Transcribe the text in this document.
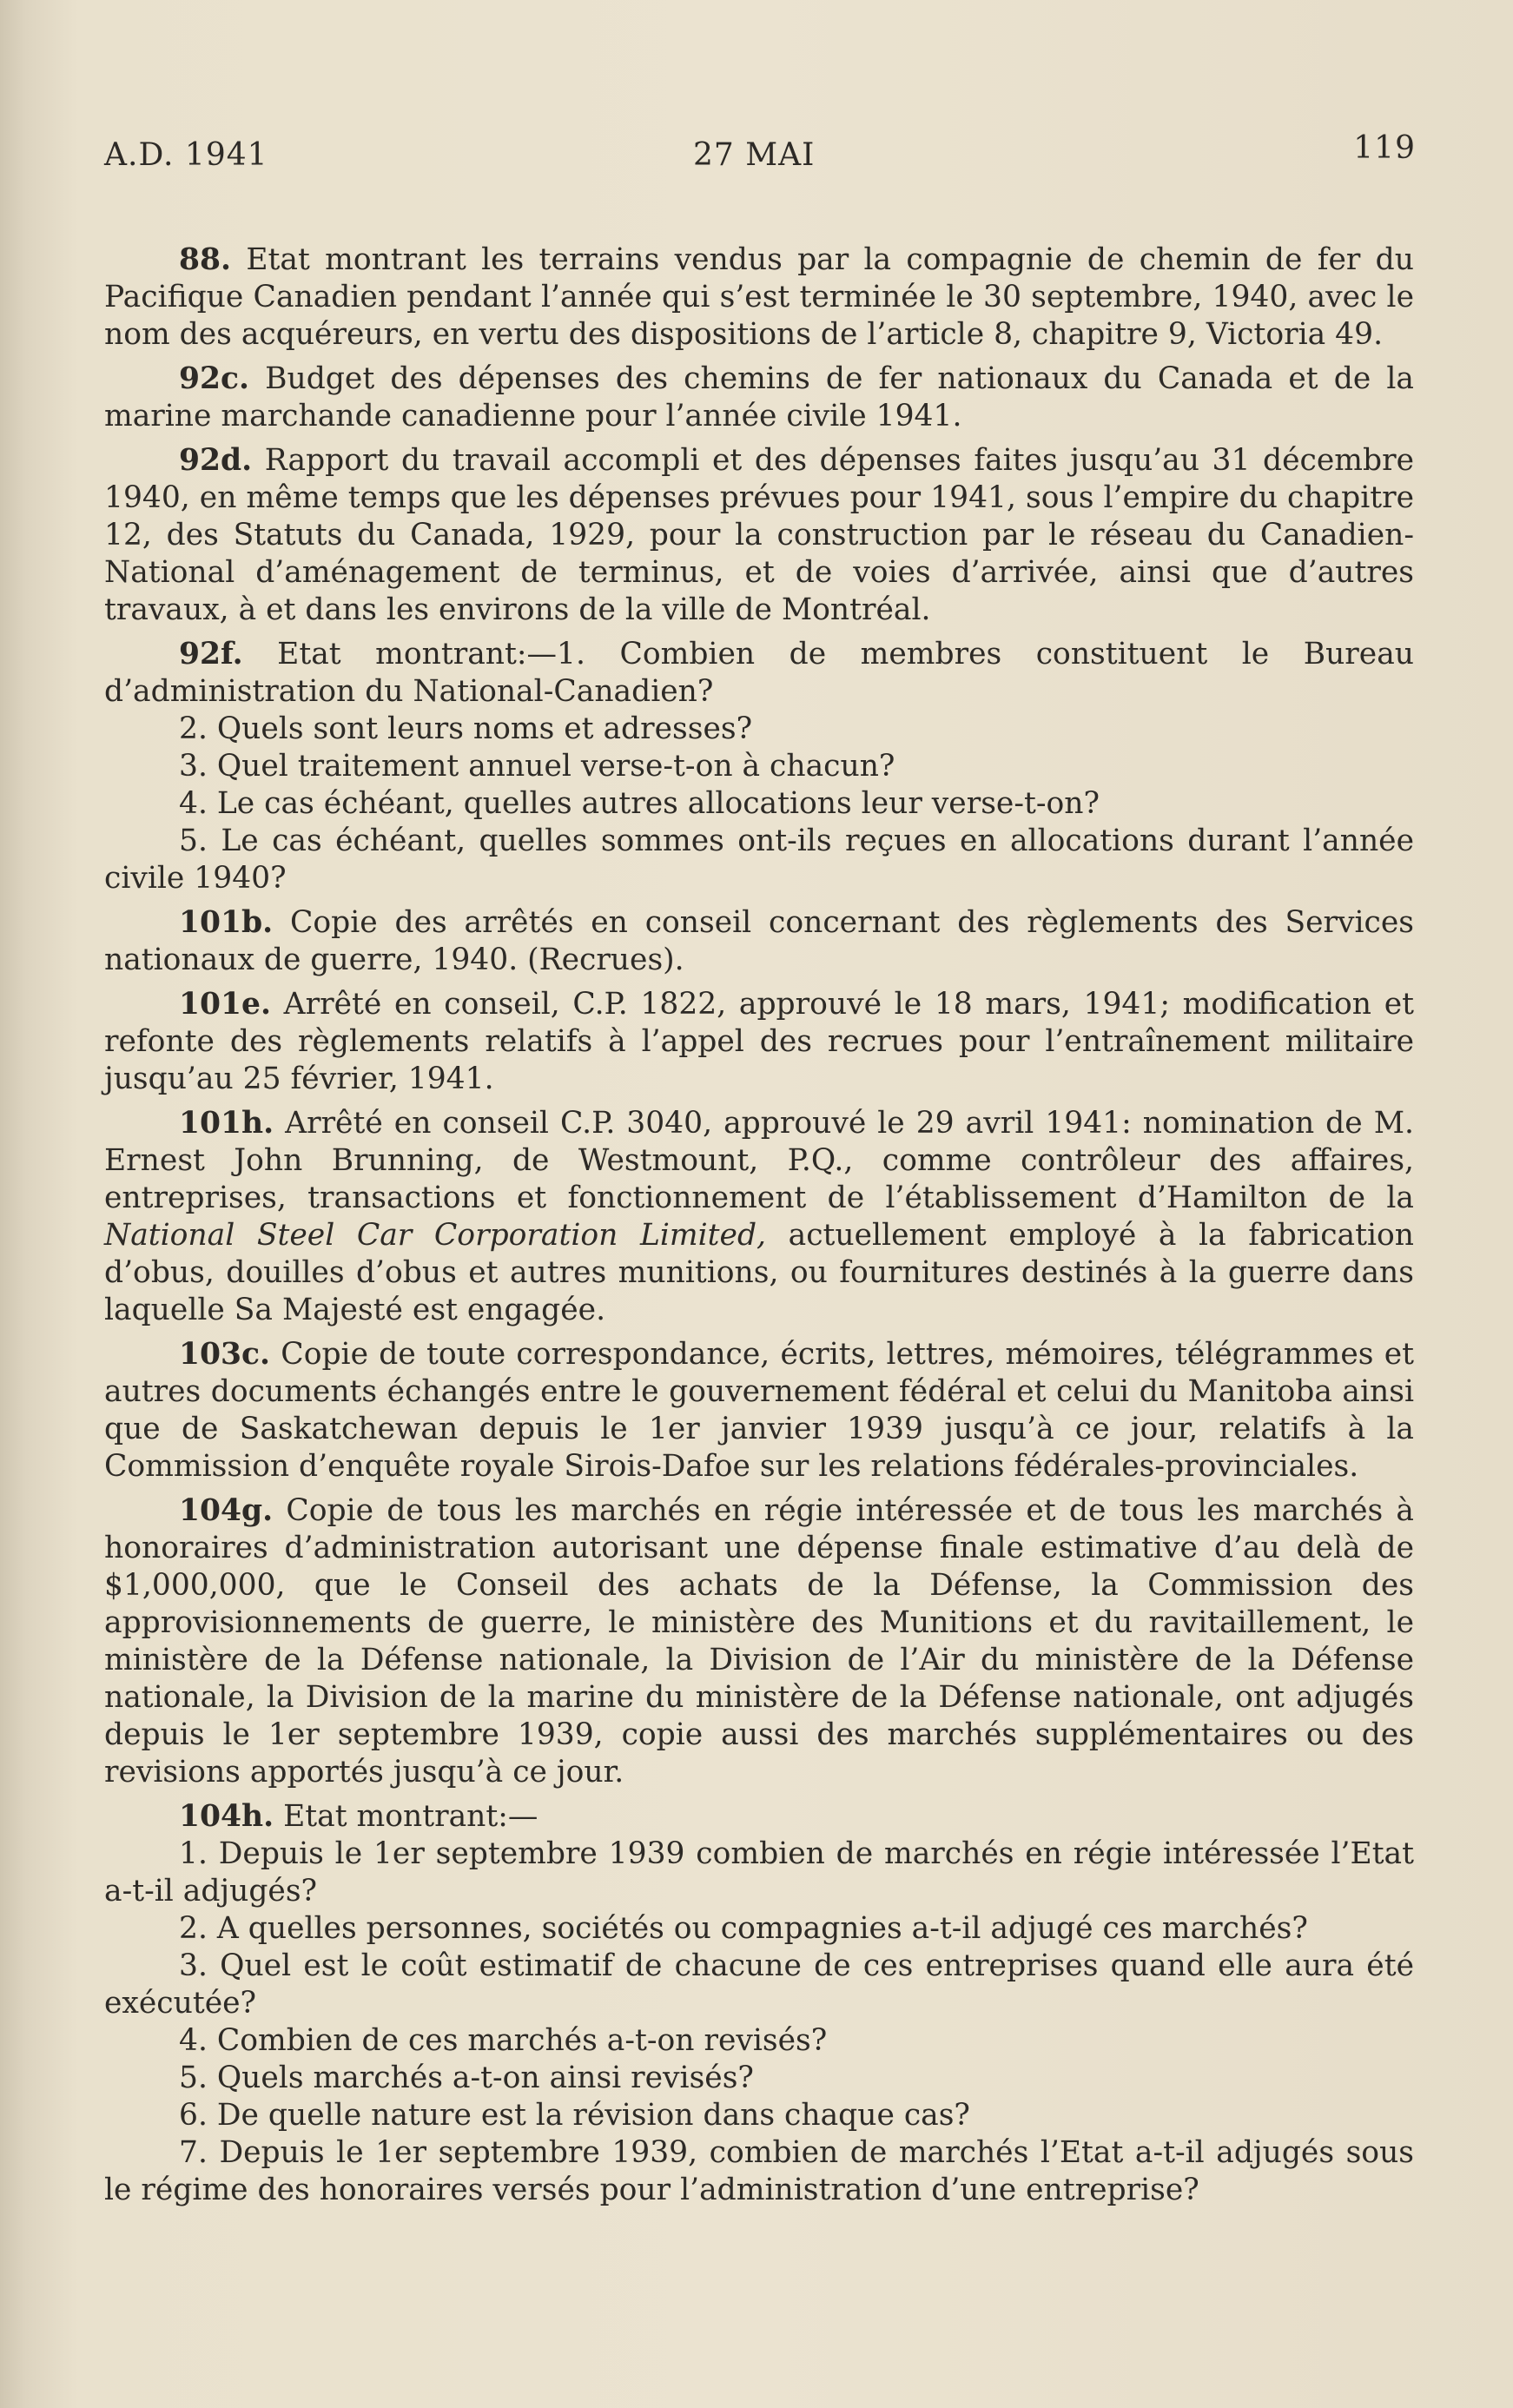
A.D. 1941	27 MAI	119

88. Etat montrant les terrains vendus par la compagnie de chemin de fer du Pacifique Canadien pendant l’année qui s’est terminée le 30 septembre, 1940, avec le nom des acquéreurs, en vertu des dispositions de l’article 8, chapitre 9, Victoria 49.

92c. Budget des dépenses des chemins de fer nationaux du Canada et de la marine marchande canadienne pour l’année civile 1941.

92d. Rapport du travail accompli et des dépenses faites jusqu’au 31 décembre 1940, en même temps que les dépenses prévues pour 1941, sous l’empire du chapitre 12, des Statuts du Canada, 1929, pour la construction par le réseau du Canadien-National d’aménagement de terminus, et de voies d’arrivée, ainsi que d’autres travaux, à et dans les environs de la ville de Montréal.

92f. Etat montrant:—1. Combien de membres constituent le Bureau d’administration du National-Canadien?

2. Quels sont leurs noms et adresses?

3. Quel traitement annuel verse-t-on à chacun?

4. Le cas échéant, quelles autres allocations leur verse-t-on?

5. Le cas échéant, quelles sommes ont-ils reçues en allocations durant l’année civile 1940?

101b. Copie des arrêtés en conseil concernant des règlements des Services nationaux de guerre, 1940. (Recrues).

101e. Arrêté en conseil, C.P. 1822, approuvé le 18 mars, 1941; modification et refonte des règlements relatifs à l’appel des recrues pour l’entraînement militaire jusqu’au 25 février, 1941.

101h. Arrêté en conseil C.P. 3040, approuvé le 29 avril 1941: nomination de M. Ernest John Brunning, de Westmount, P.Q., comme contrôleur des affaires, entreprises, transactions et fonctionnement de l’établissement d’Hamilton de la National Steel Car Corporation Limited, actuellement employé à la fabrication d’obus, douilles d’obus et autres munitions, ou fournitures destinés à la guerre dans laquelle Sa Majesté est engagée.

103c. Copie de toute correspondance, écrits, lettres, mémoires, télégrammes et autres documents échangés entre le gouvernement fédéral et celui du Manitoba ainsi que de Saskatchewan depuis le 1er janvier 1939 jusqu’à ce jour, relatifs à la Commission d’enquête royale Sirois-Dafoe sur les relations fédérales-provinciales.

104g. Copie de tous les marchés en régie intéressée et de tous les marchés à honoraires d’administration autorisant une dépense finale estimative d’au delà de $1,000,000, que le Conseil des achats de la Défense, la Commission des approvisionnements de guerre, le ministère des Munitions et du ravitaillement, le ministère de la Défense nationale, la Division de l’Air du ministère de la Défense nationale, la Division de la marine du ministère de la Défense nationale, ont adjugés depuis le 1er septembre 1939, copie aussi des marchés supplémentaires ou des revisions apportés jusqu’à ce jour.

104h. Etat montrant:—

1. Depuis le 1er septembre 1939 combien de marchés en régie intéressée l’Etat a-t-il adjugés?

2. A quelles personnes, sociétés ou compagnies a-t-il adjugé ces marchés?

3. Quel est le coût estimatif de chacune de ces entreprises quand elle aura été exécutée?

4. Combien de ces marchés a-t-on revisés?

5. Quels marchés a-t-on ainsi revisés?

6. De quelle nature est la révision dans chaque cas?

7. Depuis le 1er septembre 1939, combien de marchés l’Etat a-t-il adjugés sous le régime des honoraires versés pour l’administration d’une entreprise?
